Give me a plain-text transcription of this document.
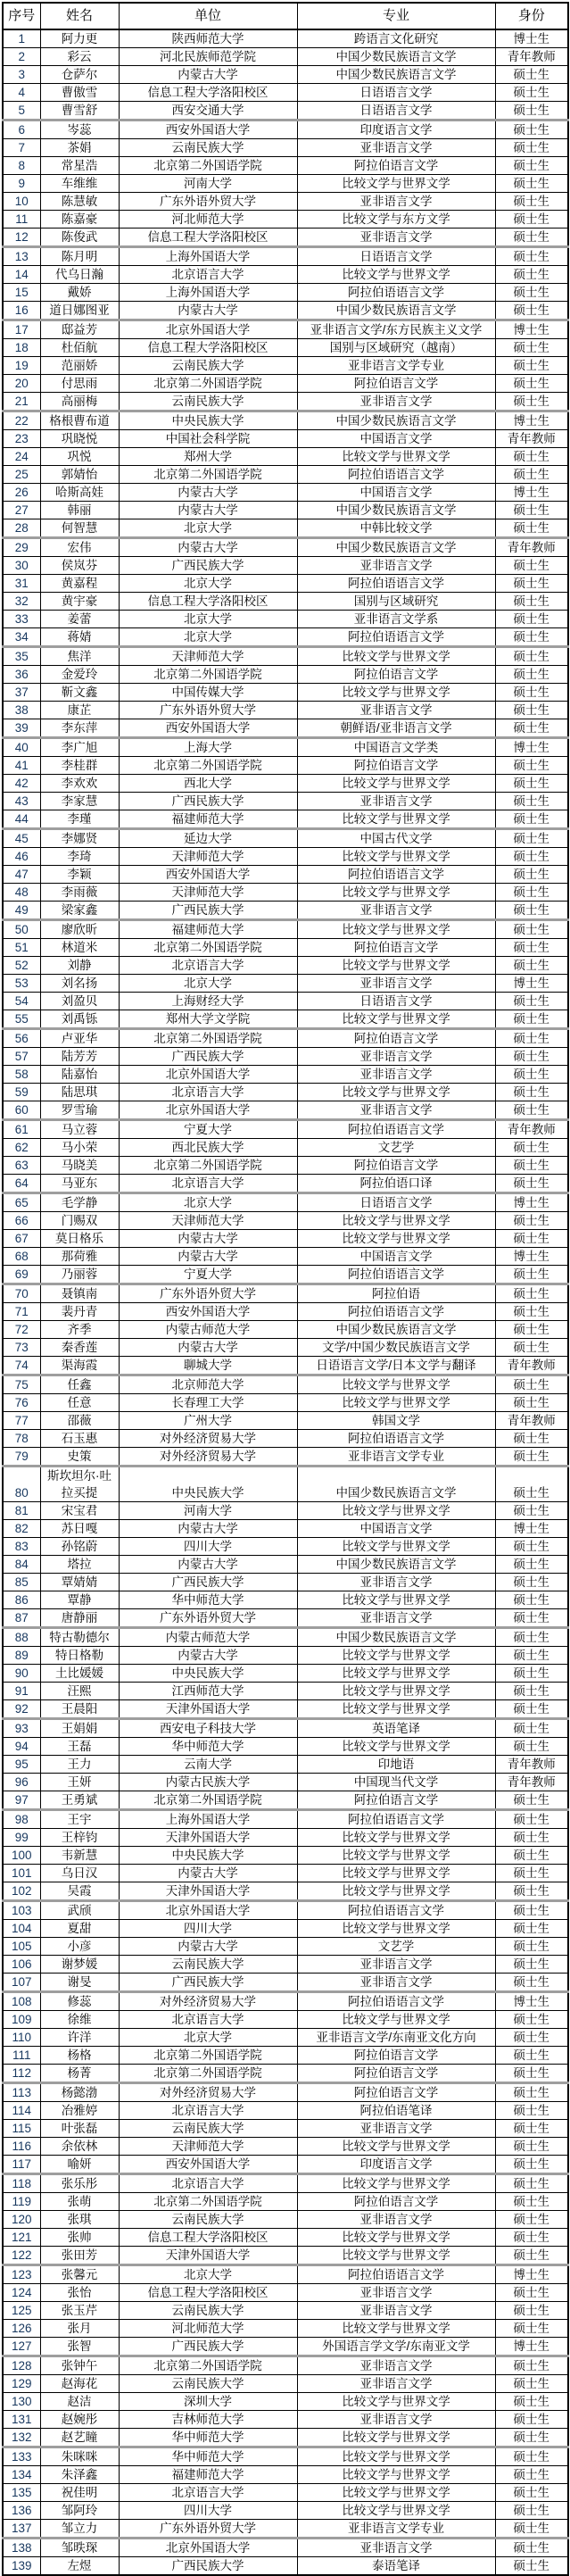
序号	姓名	单位	专业	身份
1	阿力更	陕西师范大学	跨语言文化研究	博士生
2	彩云	河北民族师范学院	中国少数民族语言文学	青年教师
3	仓萨尔	内蒙古大学	中国少数民族语言文学	硕士生
4	曹傲雪	信息工程大学洛阳校区	日语语言文学	硕士生
5	曹雪舒	西安交通大学	日语语言文学	硕士生
6	岑蕊	西安外国语大学	印度语言文学	硕士生
7	茶娟	云南民族大学	亚非语言文学	硕士生
8	常星浩	北京第二外国语学院	阿拉伯语言文学	硕士生
9	车维维	河南大学	比较文学与世界文学	硕士生
10	陈慧敏	广东外语外贸大学	亚非语言文学	硕士生
11	陈嘉豪	河北师范大学	比较文学与东方文学	硕士生
12	陈俊武	信息工程大学洛阳校区	亚非语言文学	硕士生
13	陈月明	上海外国语大学	日语语言文学	硕士生
14	代乌日瀚	北京语言大学	比较文学与世界文学	硕士生
15	戴娇	上海外国语大学	阿拉伯语语言文学	硕士生
16	道日娜图亚	内蒙古大学	中国少数民族语言文学	硕士生
17	邸益芳	北京外国语大学	亚非语言文学/东方民族主义文学	博士生
18	杜佰航	信息工程大学洛阳校区	国别与区域研究（越南）	硕士生
19	范丽娇	云南民族大学	亚非语言文学专业	硕士生
20	付思雨	北京第二外国语学院	阿拉伯语言文学	硕士生
21	高丽梅	云南民族大学	亚非语言文学	硕士生
22	格根曹布道	中央民族大学	中国少数民族语言文学	博士生
23	巩晓悦	中国社会科学院	中国语言文学	青年教师
24	巩悦	郑州大学	比较文学与世界文学	硕士生
25	郭婧怡	北京第二外国语学院	阿拉伯语语言文学	硕士生
26	哈斯高娃	内蒙古大学	中国语言文学	博士生
27	韩丽	内蒙古大学	中国少数民族语言文学	硕士生
28	何智慧	北京大学	中韩比较文学	硕士生
29	宏伟	内蒙古大学	中国少数民族语言文学	青年教师
30	侯岚芬	广西民族大学	亚非语言文学	硕士生
31	黄嘉程	北京大学	阿拉伯语语言文学	硕士生
32	黄宇豪	信息工程大学洛阳校区	国别与区域研究	硕士生
33	姜蕾	北京大学	亚非语言文学系	硕士生
34	蒋婧	北京大学	阿拉伯语语言文学	硕士生
35	焦洋	天津师范大学	比较文学与世界文学	硕士生
36	金爱玲	北京第二外国语学院	阿拉伯语言文学	硕士生
37	靳文鑫	中国传媒大学	比较文学与世界文学	硕士生
38	康芷	广东外语外贸大学	亚非语言文学	硕士生
39	李东萍	西安外国语大学	朝鲜语/亚非语言文学	硕士生
40	李广旭	上海大学	中国语言文学类	博士生
41	李桂群	北京第二外国语学院	阿拉伯语言文学	硕士生
42	李欢欢	西北大学	比较文学与世界文学	硕士生
43	李家慧	广西民族大学	亚非语言文学	硕士生
44	李瑾	福建师范大学	比较文学与世界文学	硕士生
45	李娜贤	延边大学	中国古代文学	硕士生
46	李琦	天津师范大学	比较文学与世界文学	硕士生
47	李颖	西安外国语大学	阿拉伯语语言文学	硕士生
48	李雨薇	天津师范大学	比较文学与世界文学	硕士生
49	梁家鑫	广西民族大学	亚非语言文学	硕士生
50	廖欣昕	福建师范大学	比较文学与世界文学	硕士生
51	林道米	北京第二外国语学院	阿拉伯语言文学	硕士生
52	刘静	北京语言大学	比较文学与世界文学	硕士生
53	刘名扬	北京大学	亚非语言文学	博士生
54	刘盈贝	上海财经大学	日语语言文学	硕士生
55	刘禹铄	郑州大学文学院	比较文学与世界文学	硕士生
56	卢亚华	北京第二外国语学院	阿拉伯语言文学	硕士生
57	陆芳芳	广西民族大学	亚非语言文学	硕士生
58	陆嘉怡	北京外国语大学	亚非语言文学	硕士生
59	陆思琪	北京语言大学	比较文学与世界文学	硕士生
60	罗雪瑜	北京外国语大学	亚非语言文学	硕士生
61	马立蓉	宁夏大学	阿拉伯语语言文学	青年教师
62	马小荣	西北民族大学	文艺学	硕士生
63	马晓美	北京第二外国语学院	阿拉伯语言文学	硕士生
64	马亚东	北京语言大学	阿拉伯语口译	硕士生
65	毛学静	北京大学	日语语言文学	博士生
66	门赐双	天津师范大学	比较文学与世界文学	硕士生
67	莫日格乐	内蒙古大学	比较文学与世界文学	硕士生
68	那荷雅	内蒙古大学	中国语言文学	博士生
69	乃丽蓉	宁夏大学	阿拉伯语语言文学	硕士生
70	聂镇南	广东外语外贸大学	阿拉伯语	硕士生
71	裴丹青	西安外国语大学	阿拉伯语语言文学	硕士生
72	齐季	内蒙古师范大学	中国少数民族语言文学	硕士生
73	秦香莲	内蒙古大学	文学/中国少数民族语言文学	硕士生
74	渠海霞	聊城大学	日语语言文学/日本文学与翻译	青年教师
75	任鑫	北京师范大学	比较文学与世界文学	硕士生
76	任意	长春理工大学	比较文学与世界文学	硕士生
77	邵薇	广州大学	韩国文学	青年教师
78	石玉惠	对外经济贸易大学	阿拉伯语语言文学	硕士生
79	史策	对外经济贸易大学	亚非语言文学专业	硕士生
80	斯坎坦尔·吐拉买提	中央民族大学	中国少数民族语言文学	硕士生
81	宋宝君	河南大学	比较文学与世界文学	硕士生
82	苏日嘎	内蒙古大学	中国语言文学	博士生
83	孙铭蔚	四川大学	比较文学与世界文学	硕士生
84	塔拉	内蒙古大学	中国少数民族语言文学	硕士生
85	覃婧婧	广西民族大学	亚非语言文学	硕士生
86	覃静	华中师范大学	比较文学与世界文学	硕士生
87	唐静丽	广东外语外贸大学	亚非语言文学	硕士生
88	特古勒德尔	内蒙古师范大学	中国少数民族语言文学	硕士生
89	特日格勒	内蒙古大学	比较文学与世界文学	硕士生
90	土比媛媛	中央民族大学	比较文学与世界文学	硕士生
91	汪熙	江西师范大学	比较文学与世界文学	硕士生
92	王晨阳	天津外国语大学	比较文学与世界文学	硕士生
93	王娟娟	西安电子科技大学	英语笔译	硕士生
94	王磊	华中师范大学	比较文学与世界文学	硕士生
95	王力	云南大学	印地语	青年教师
96	王妍	内蒙古民族大学	中国现当代文学	青年教师
97	王勇斌	北京第二外国语学院	阿拉伯语言文学	硕士生
98	王宇	上海外国语大学	阿拉伯语语言文学	硕士生
99	王梓钧	天津外国语大学	比较文学与世界文学	硕士生
100	韦新慧	中央民族大学	比较文学与世界文学	硕士生
101	乌日汉	内蒙古大学	比较文学与世界文学	硕士生
102	吴霞	天津外国语大学	比较文学与世界文学	硕士生
103	武颀	北京外国语大学	阿拉伯语语言文学	硕士生
104	夏甜	四川大学	比较文学与世界文学	硕士生
105	小彦	内蒙古大学	文艺学	硕士生
106	谢梦媛	云南民族大学	亚非语言文学	硕士生
107	谢旻	广西民族大学	亚非语言文学	硕士生
108	修蕊	对外经济贸易大学	阿拉伯语语言文学	博士生
109	徐维	北京语言大学	比较文学与世界文学	硕士生
110	许洋	北京大学	亚非语言文学/东南亚文化方向	硕士生
111	杨格	北京第二外国语学院	阿拉伯语言文学	硕士生
112	杨菁	北京第二外国语学院	阿拉伯语言文学	硕士生
113	杨懿渤	对外经济贸易大学	阿拉伯语言文学	硕士生
114	冶雅婷	北京语言大学	阿拉伯语笔译	硕士生
115	叶张磊	云南民族大学	亚非语言文学	硕士生
116	余依林	天津师范大学	比较文学与世界文学	硕士生
117	喻妍	西安外国语大学	印度语言文学	硕士生
118	张乐彤	北京语言大学	比较文学与世界文学	硕士生
119	张萌	北京第二外国语学院	阿拉伯语言文学	硕士生
120	张琪	云南民族大学	亚非语言文学	硕士生
121	张帅	信息工程大学洛阳校区	比较文学与世界文学	硕士生
122	张田芳	天津外国语大学	比较文学与世界文学	硕士生
123	张馨元	北京大学	阿拉伯语语言文学	博士生
124	张怡	信息工程大学洛阳校区	亚非语言文学	硕士生
125	张玉芹	云南民族大学	亚非语言文学	硕士生
126	张月	河北师范大学	比较文学与世界文学	硕士生
127	张智	广西民族大学	外国语言学文学/东南亚文学	博士生
128	张钟午	北京第二外国语学院	亚非语言文学	硕士生
129	赵海花	云南民族大学	亚非语言文学	硕士生
130	赵洁	深圳大学	比较文学与世界文学	硕士生
131	赵婉彤	吉林师范大学	亚非语言文学	硕士生
132	赵艺瞳	华中师范大学	比较文学与世界文学	硕士生
133	朱咪咪	华中师范大学	比较文学与世界文学	硕士生
134	朱泽鑫	福建师范大学	比较文学与世界文学	硕士生
135	祝佳明	北京语言大学	比较文学与世界文学	硕士生
136	邹阿玲	四川大学	比较文学与世界文学	硕士生
137	邹立力	广东外语外贸大学	亚非语言文学专业	硕士生
138	邹昳琛	北京外国语大学	亚非语言文学	硕士生
139	左煜	广西民族大学	泰语笔译	硕士生
